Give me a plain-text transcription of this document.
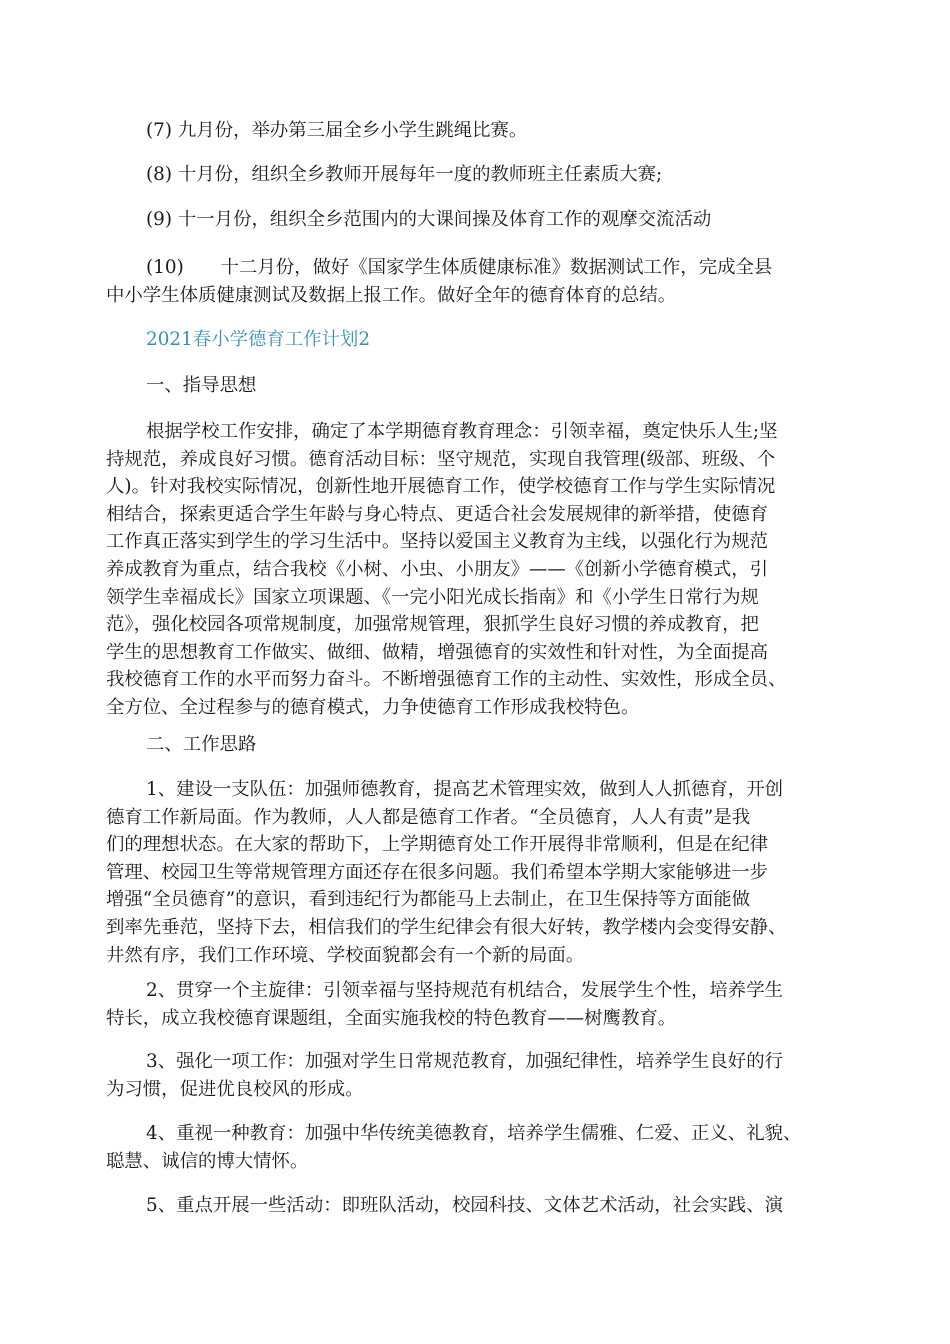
(7) 九月份，举办第三届全乡小学生跳绳比赛。
(8) 十月份，组织全乡教师开展每年一度的教师班主任素质大赛;
(9) 十一月份，组织全乡范围内的大课间操及体育工作的观摩交流活动
(10)　　十二月份，做好《国家学生体质健康标准》数据测试工作，完成全县
中小学生体质健康测试及数据上报工作。做好全年的德育体育的总结。
2021春小学德育工作计划2
一、指导思想
根据学校工作安排，确定了本学期德育教育理念：引领幸福，奠定快乐人生;坚
持规范，养成良好习惯。德育活动目标：坚守规范，实现自我管理(级部、班级、个
人)。针对我校实际情况，创新性地开展德育工作，使学校德育工作与学生实际情况
相结合，探索更适合学生年龄与身心特点、更适合社会发展规律的新举措，使德育
工作真正落实到学生的学习生活中。坚持以爱国主义教育为主线，以强化行为规范
养成教育为重点，结合我校《小树、小虫、小朋友》——《创新小学德育模式，引
领学生幸福成长》国家立项课题、《一完小阳光成长指南》和《小学生日常行为规
范》，强化校园各项常规制度，加强常规管理，狠抓学生良好习惯的养成教育，把
学生的思想教育工作做实、做细、做精，增强德育的实效性和针对性，为全面提高
我校德育工作的水平而努力奋斗。不断增强德育工作的主动性、实效性，形成全员、
全方位、全过程参与的德育模式，力争使德育工作形成我校特色。
二、工作思路
1、建设一支队伍：加强师德教育，提高艺术管理实效，做到人人抓德育，开创
德育工作新局面。作为教师，人人都是德育工作者。“全员德育，人人有责”是我
们的理想状态。在大家的帮助下，上学期德育处工作开展得非常顺利，但是在纪律
管理、校园卫生等常规管理方面还存在很多问题。我们希望本学期大家能够进一步
增强“全员德育”的意识，看到违纪行为都能马上去制止，在卫生保持等方面能做
到率先垂范，坚持下去，相信我们的学生纪律会有很大好转，教学楼内会变得安静、
井然有序，我们工作环境、学校面貌都会有一个新的局面。
2、贯穿一个主旋律：引领幸福与坚持规范有机结合，发展学生个性，培养学生
特长，成立我校德育课题组，全面实施我校的特色教育——树鹰教育。
3、强化一项工作：加强对学生日常规范教育，加强纪律性，培养学生良好的行
为习惯，促进优良校风的形成。
4、重视一种教育：加强中华传统美德教育，培养学生儒雅、仁爱、正义、礼貌、
聪慧、诚信的博大情怀。
5、重点开展一些活动：即班队活动，校园科技、文体艺术活动，社会实践、演
